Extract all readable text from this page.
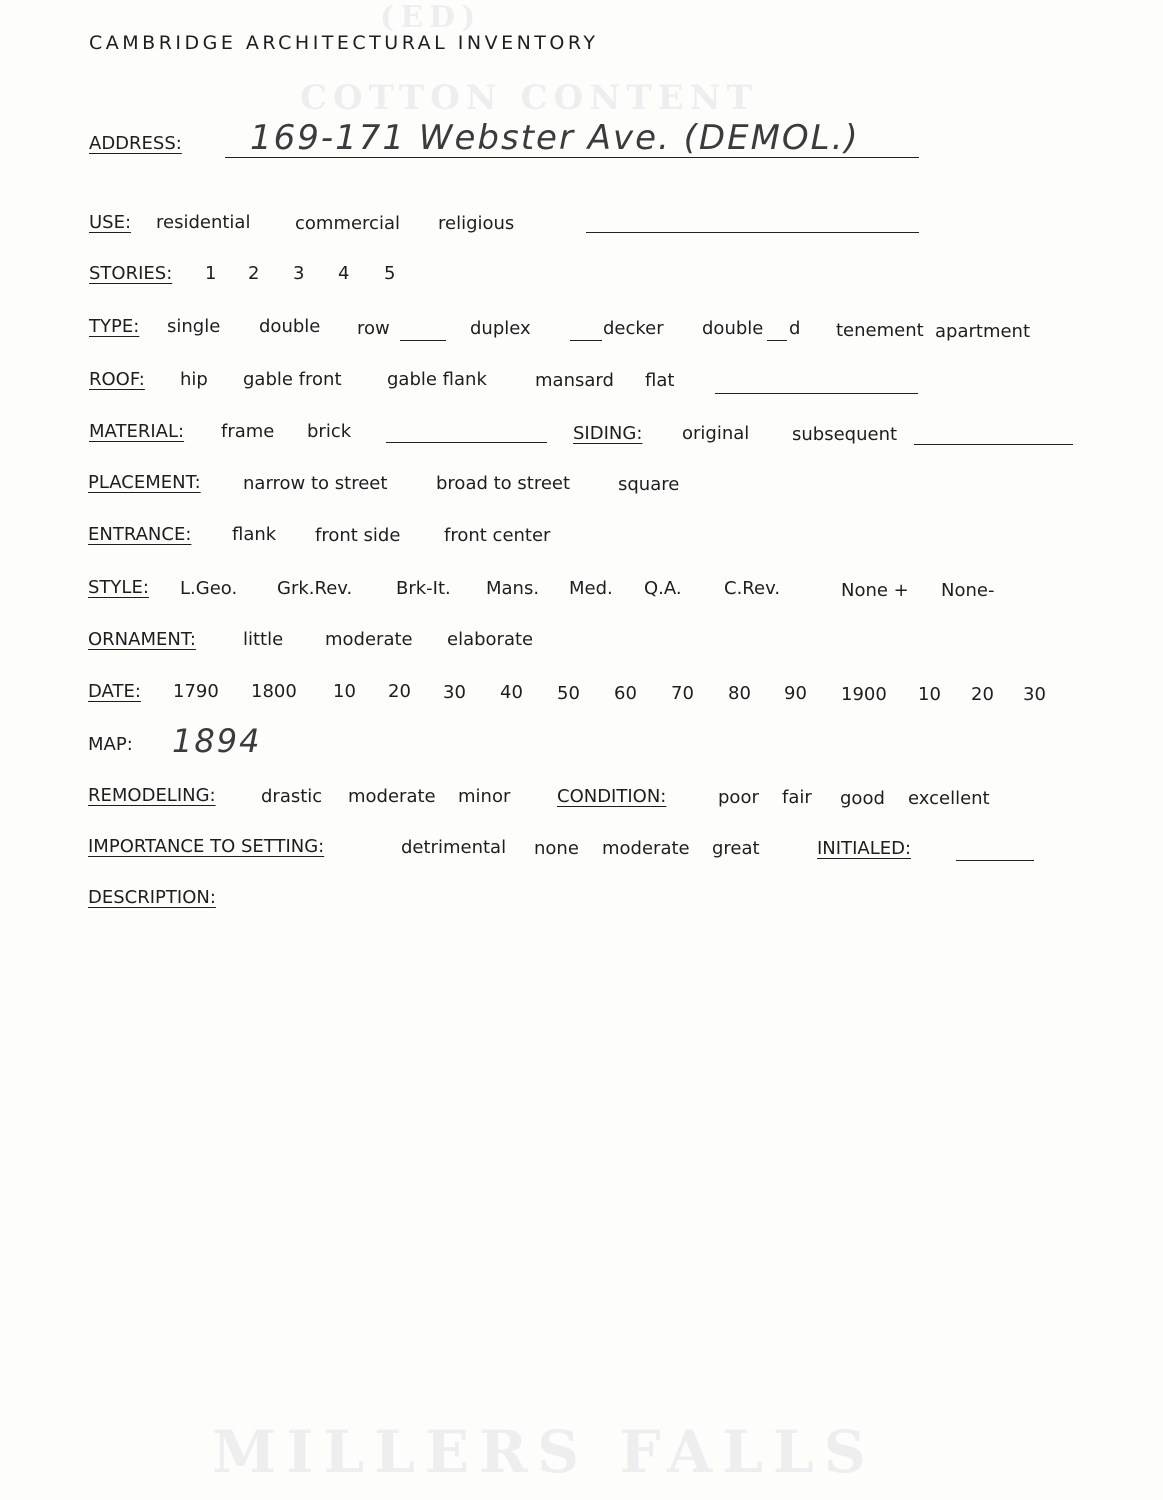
(ED)
COTTON CONTENT
MILLERS FALLS
CAMBRIDGE ARCHITECTURAL INVENTORY
ADDRESS: 169-171 Webster Ave. (DEMOL.)
USE: residential commercial religious
STORIES: 1 2 3 4 5
TYPE: single double row	duplex	decker double d tenement apartment
ROOF: hip gable front	gable flank	mansard flat
MATERIAL: frame brick	SIDING: original subsequent
PLACEMENT: narrow to street	broad to street	square
ENTRANCE: flank front side front center
STYLE: L.Geo. Grk.Rev. Brk-It. Mans. Med. Q.A. C.Rev.	None + None-
ORNAMENT:	little moderate elaborate
DATE: 1790 1800 10 20 30 40 50 60 70 80 90 1900 10 20 30
MAP: 1894
REMODELING:	drastic moderate minor	CONDITION:	poor fair good excellent
IMPORTANCE TO SETTING:	detrimental none moderate great	INITIALED:
DESCRIPTION:
